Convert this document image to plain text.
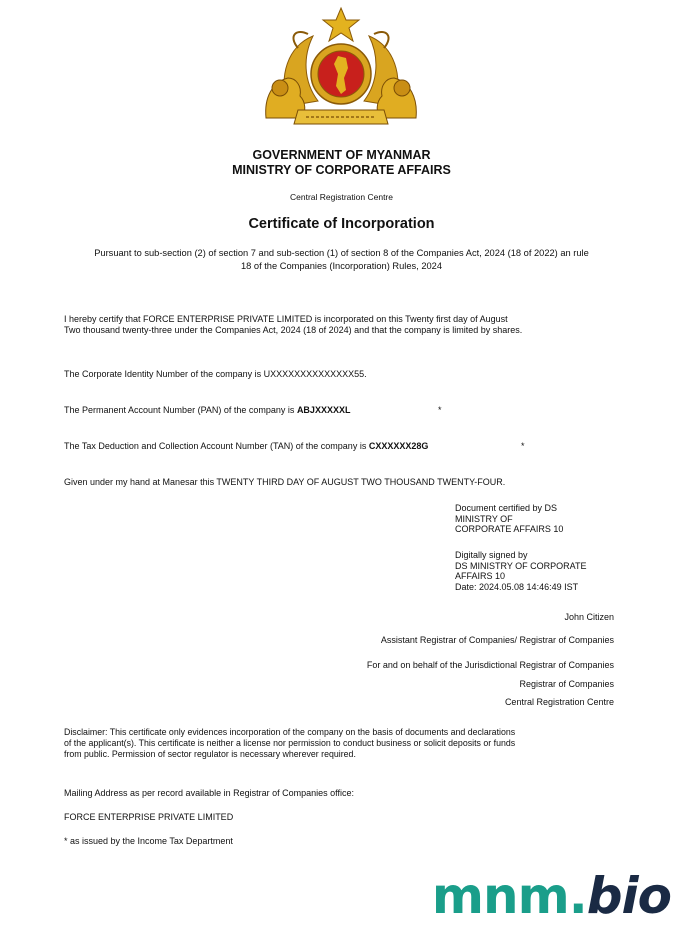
GOVERNMENT OF MYANMAR
MINISTRY OF CORPORATE AFFAIRS
Central Registration Centre
Certificate of Incorporation
Pursuant to sub-section (2) of section 7 and sub-section (1) of section 8 of the Companies Act, 2024 (18 of 2022) an rule 18 of the Companies (Incorporation) Rules, 2024
I hereby certify that FORCE ENTERPRISE PRIVATE LIMITED is incorporated on this Twenty first day of August
Two thousand twenty-three under the Companies Act, 2024 (18 of 2024) and that the company is limited by shares.
The Corporate Identity Number of the company is UXXXXXXXXXXXXXX55.
The Permanent Account Number (PAN) of the company is ABJXXXXXL	*
The Tax Deduction and Collection Account Number (TAN) of the company is CXXXXXX28G	*
Given under my hand at Manesar this TWENTY THIRD DAY OF AUGUST TWO THOUSAND TWENTY-FOUR.
Document certified by DS
MINISTRY OF
CORPORATE AFFAIRS 10
Digitally signed by
DS MINISTRY OF CORPORATE
AFFAIRS 10
Date: 2024.05.08 14:46:49 IST
John Citizen
Assistant Registrar of Companies/ Registrar of Companies
For and on behalf of the Jurisdictional Registrar of Companies
Registrar of Companies
Central Registration Centre
Disclaimer: This certificate only evidences incorporation of the company on the basis of documents and declarations
of the applicant(s). This certificate is neither a license nor permission to conduct business or solicit deposits or funds
from public. Permission of sector regulator is necessary wherever required.
Mailing Address as per record available in Registrar of Companies office:
FORCE ENTERPRISE PRIVATE LIMITED
* as issued by the Income Tax Department
mnm.bio
